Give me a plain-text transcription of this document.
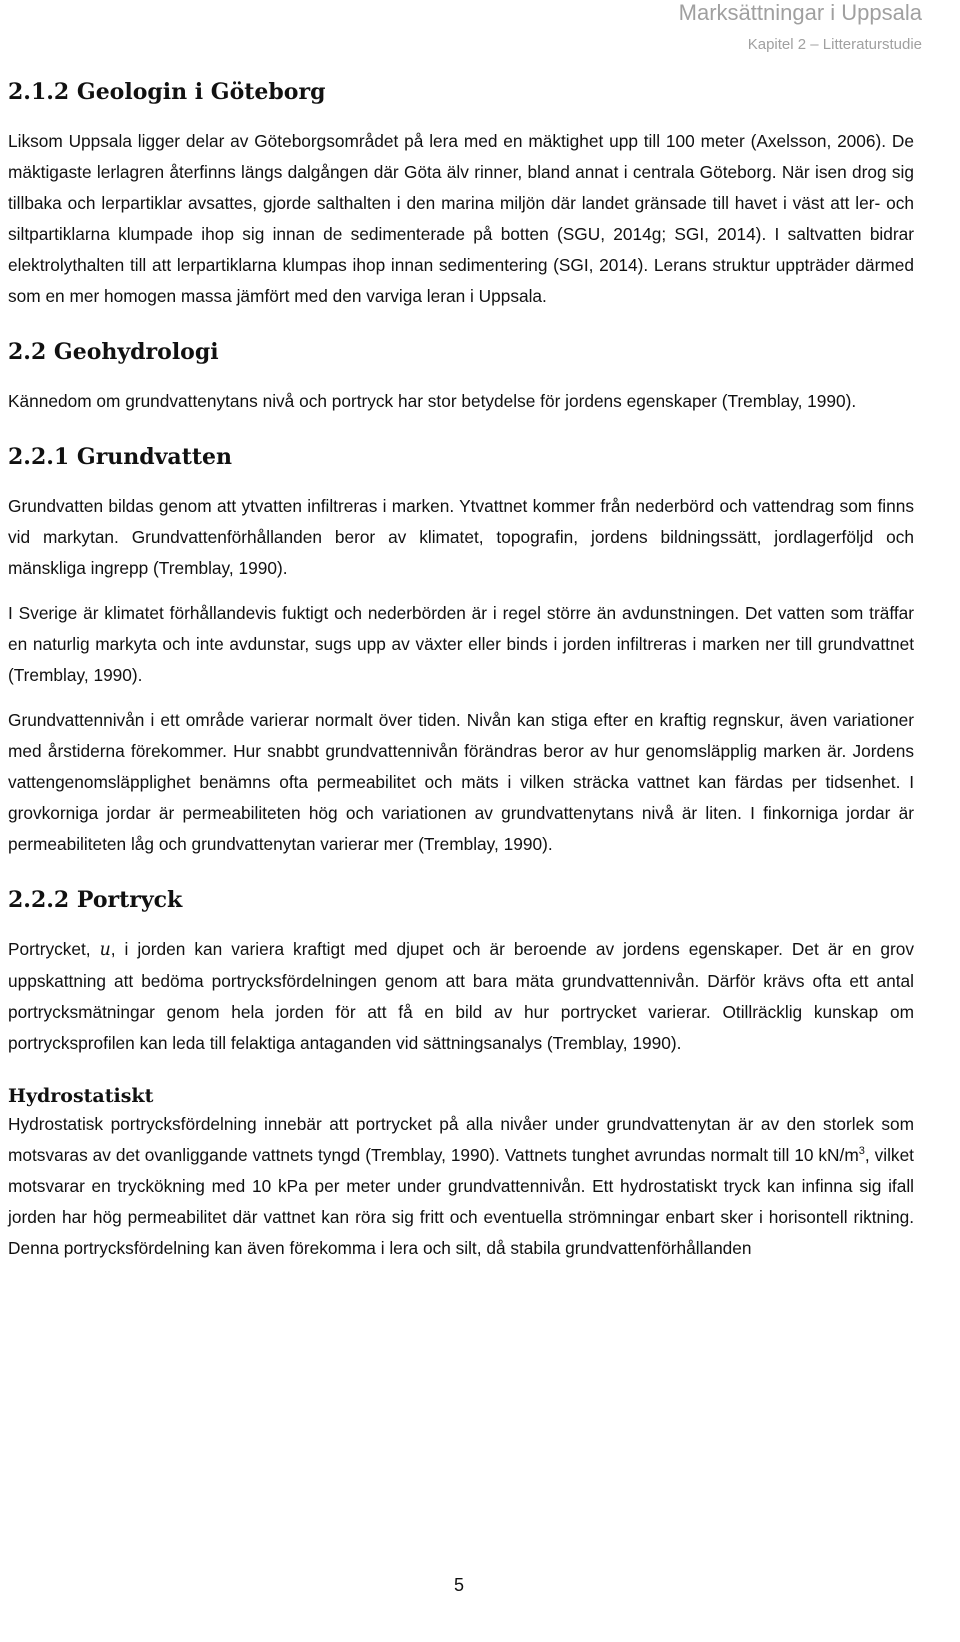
Marksättningar i Uppsala
Kapitel 2 – Litteraturstudie
2.1.2 Geologin i Göteborg

Liksom Uppsala ligger delar av Göteborgsområdet på lera med en mäktighet upp till 100 meter (Axelsson, 2006). De mäktigaste lerlagren återfinns längs dalgången där Göta älv rinner, bland annat i centrala Göteborg. När isen drog sig tillbaka och lerpartiklar avsattes, gjorde salthalten i den marina miljön där landet gränsade till havet i väst att ler- och siltpartiklarna klumpade ihop sig innan de sedimenterade på botten (SGU, 2014g; SGI, 2014). I saltvatten bidrar elektrolythalten till att lerpartiklarna klumpas ihop innan sedimentering (SGI, 2014). Lerans struktur uppträder därmed som en mer homogen massa jämfört med den varviga leran i Uppsala.

2.2 Geohydrologi

Kännedom om grundvattenytans nivå och portryck har stor betydelse för jordens egenskaper (Tremblay, 1990).

2.2.1 Grundvatten

Grundvatten bildas genom att ytvatten infiltreras i marken. Ytvattnet kommer från nederbörd och vattendrag som finns vid markytan. Grundvattenförhållanden beror av klimatet, topografin, jordens bildningssätt, jordlagerföljd och mänskliga ingrepp (Tremblay, 1990).

I Sverige är klimatet förhållandevis fuktigt och nederbörden är i regel större än avdunstningen. Det vatten som träffar en naturlig markyta och inte avdunstar, sugs upp av växter eller binds i jorden infiltreras i marken ner till grundvattnet (Tremblay, 1990).

Grundvattennivån i ett område varierar normalt över tiden. Nivån kan stiga efter en kraftig regnskur, även variationer med årstiderna förekommer. Hur snabbt grundvattennivån förändras beror av hur genomsläpplig marken är. Jordens vattengenomsläpplighet benämns ofta permeabilitet och mäts i vilken sträcka vattnet kan färdas per tidsenhet. I grovkorniga jordar är permeabiliteten hög och variationen av grundvattenytans nivå är liten. I finkorniga jordar är permeabiliteten låg och grundvattenytan varierar mer (Tremblay, 1990).

2.2.2 Portryck

Portrycket, u, i jorden kan variera kraftigt med djupet och är beroende av jordens egenskaper. Det är en grov uppskattning att bedöma portrycksfördelningen genom att bara mäta grundvattennivån. Därför krävs ofta ett antal portrycksmätningar genom hela jorden för att få en bild av hur portrycket varierar. Otillräcklig kunskap om portrycksprofilen kan leda till felaktiga antaganden vid sättningsanalys (Tremblay, 1990).

Hydrostatiskt

Hydrostatisk portrycksfördelning innebär att portrycket på alla nivåer under grundvattenytan är av den storlek som motsvaras av det ovanliggande vattnets tyngd (Tremblay, 1990). Vattnets tunghet avrundas normalt till 10 $kN/m^3$, vilket motsvarar en tryckökning med 10 kPa per meter under grundvattennivån. Ett hydrostatiskt tryck kan infinna sig ifall jorden har hög permeabilitet där vattnet kan röra sig fritt och eventuella strömningar enbart sker i horisontell riktning. Denna portrycksfördelning kan även förekomma i lera och silt, då stabila grundvattenförhållanden

5
